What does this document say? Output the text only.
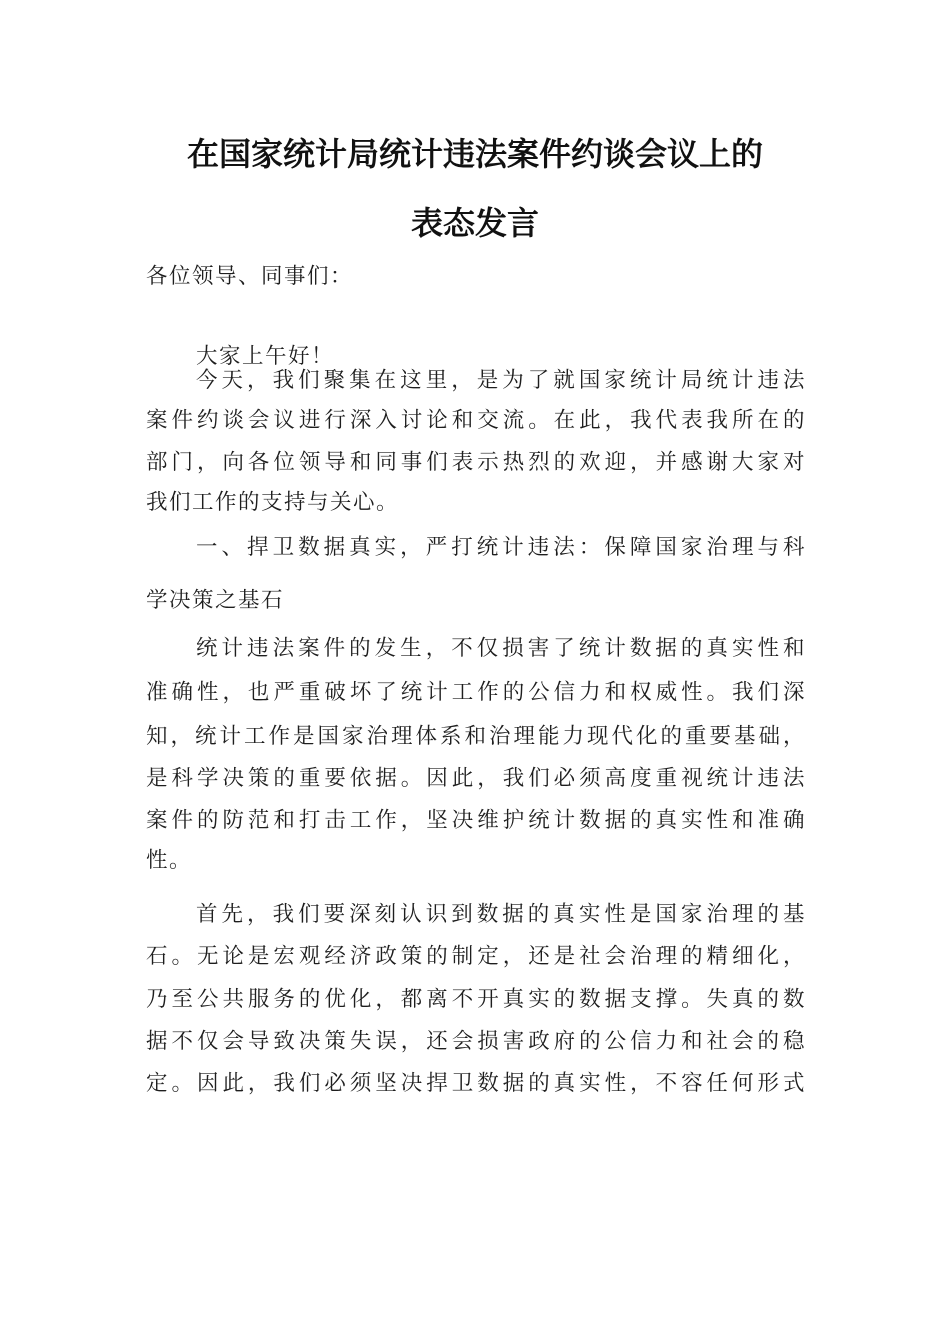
在国家统计局统计违法案件约谈会议上的
表态发言
各位领导、同事们：
大家上午好！
今天，我们聚集在这里，是为了就国家统计局统计违法
案件约谈会议进行深入讨论和交流。在此，我代表我所在的
部门，向各位领导和同事们表示热烈的欢迎，并感谢大家对
我们工作的支持与关心。
一、捍卫数据真实，严打统计违法：保障国家治理与科
学决策之基石
统计违法案件的发生，不仅损害了统计数据的真实性和
准确性，也严重破坏了统计工作的公信力和权威性。我们深
知，统计工作是国家治理体系和治理能力现代化的重要基础，
是科学决策的重要依据。因此，我们必须高度重视统计违法
案件的防范和打击工作，坚决维护统计数据的真实性和准确
性。
首先，我们要深刻认识到数据的真实性是国家治理的基
石。无论是宏观经济政策的制定，还是社会治理的精细化，
乃至公共服务的优化，都离不开真实的数据支撑。失真的数
据不仅会导致决策失误，还会损害政府的公信力和社会的稳
定。因此，我们必须坚决捍卫数据的真实性，不容任何形式
